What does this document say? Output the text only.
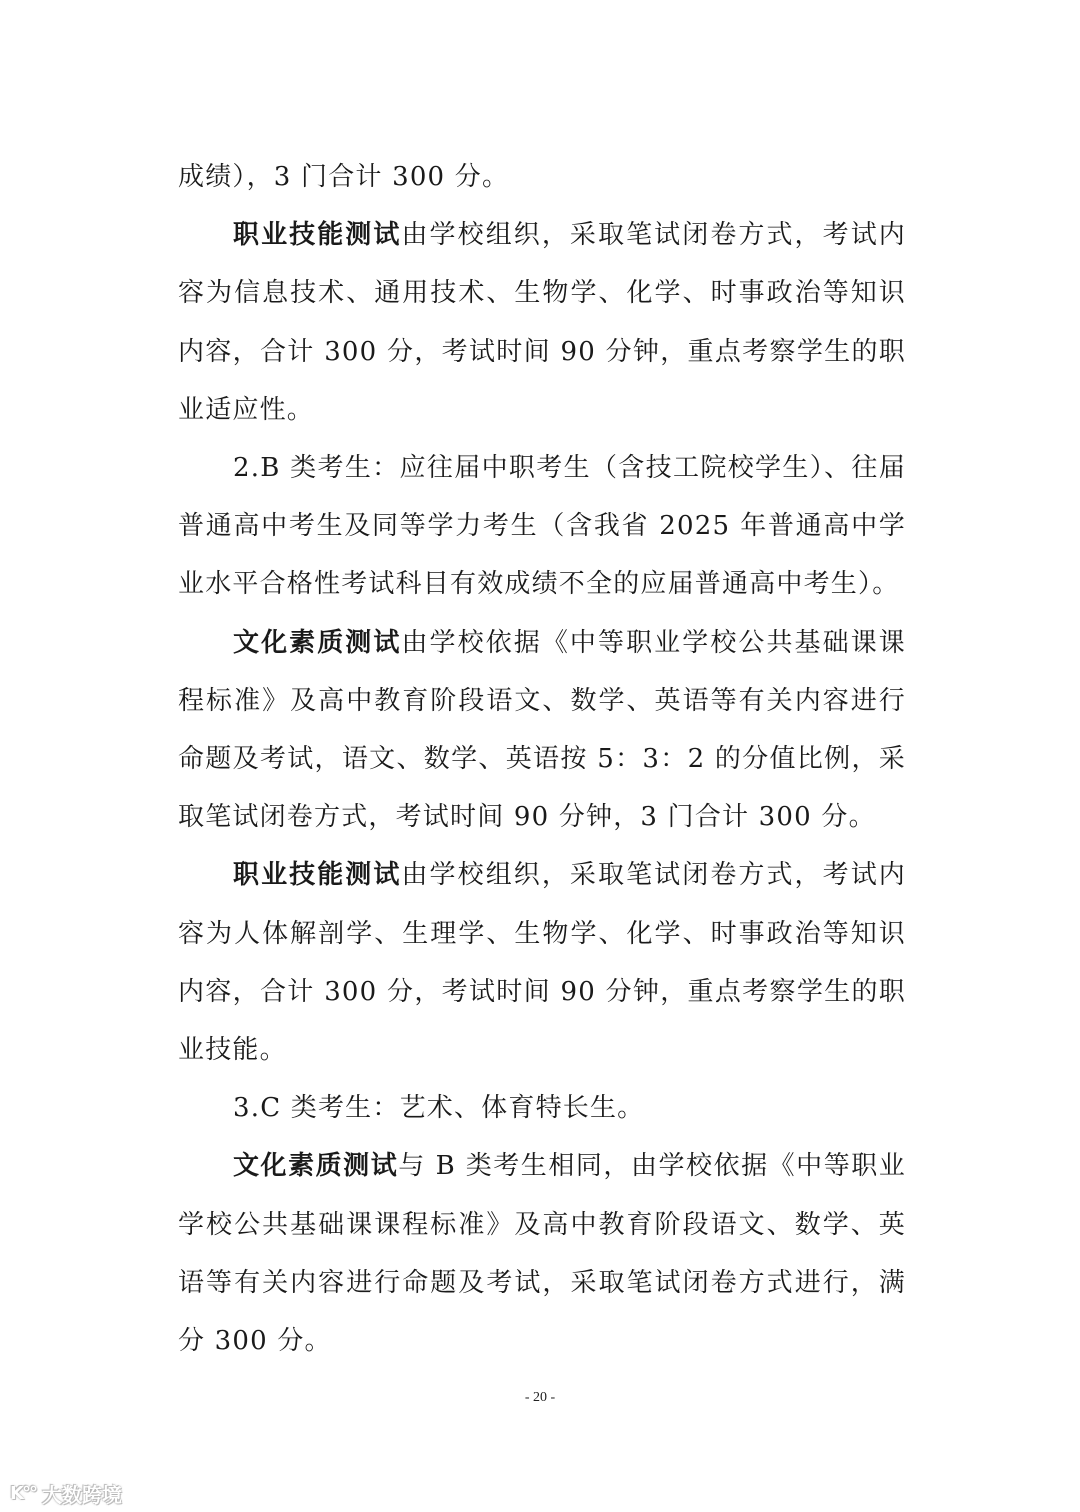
成绩），3 门合计 300 分。

职业技能测试由学校组织，采取笔试闭卷方式，考试内容为信息技术、通用技术、生物学、化学、时事政治等知识内容，合计 300 分，考试时间 90 分钟，重点考察学生的职业适应性。

2.B 类考生：应往届中职考生（含技工院校学生）、往届普通高中考生及同等学力考生（含我省 2025 年普通高中学业水平合格性考试科目有效成绩不全的应届普通高中考生）。

文化素质测试由学校依据《中等职业学校公共基础课课程标准》及高中教育阶段语文、数学、英语等有关内容进行命题及考试，语文、数学、英语按 5：3：2 的分值比例，采取笔试闭卷方式，考试时间 90 分钟，3 门合计 300 分。

职业技能测试由学校组织，采取笔试闭卷方式，考试内容为人体解剖学、生理学、生物学、化学、时事政治等知识内容，合计 300 分，考试时间 90 分钟，重点考察学生的职业技能。

3.C 类考生：艺术、体育特长生。

文化素质测试与 B 类考生相同，由学校依据《中等职业学校公共基础课课程标准》及高中教育阶段语文、数学、英语等有关内容进行命题及考试，采取笔试闭卷方式进行，满分 300 分。

- 20 -
K°° 大数跨境
